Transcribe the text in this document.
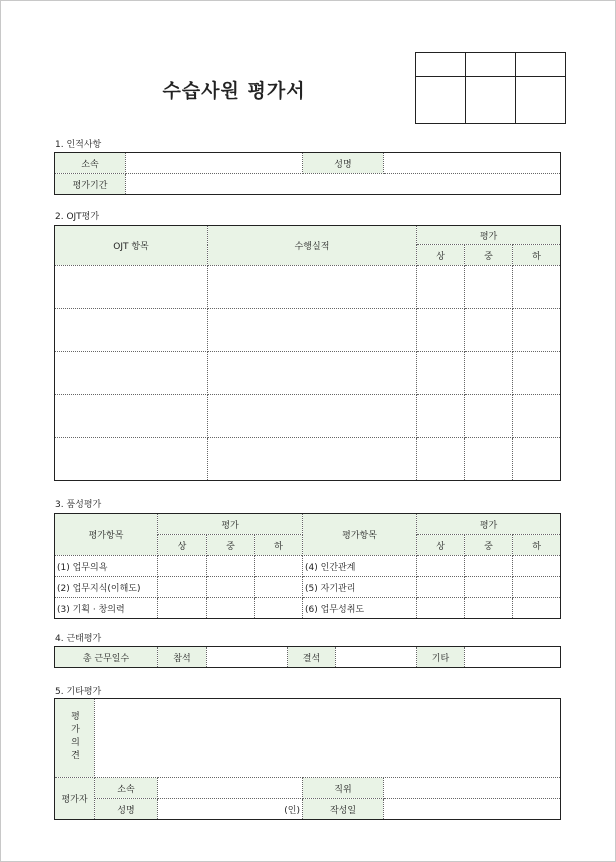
수습사원 평가서

1. 인적사항
소속		성명	
평가기간			
2. OJT평가
OJT 항목	수행실적	평가		
		상	중	하

3. 품성평가
평가항목	평가			평가항목	평가		
	상	중	하		상	중	하
(1) 업무의욕				(4) 인간관계			
(2) 업무지식(이해도)				(5) 자기관리			
(3) 기획 · 창의력				(6) 업무성취도			
4. 근태평가
총 근무일수	참석		결석		기타	
5. 기타평가
평가의견				
평가자	소속		직위	
	성명	(인)	작성일	
